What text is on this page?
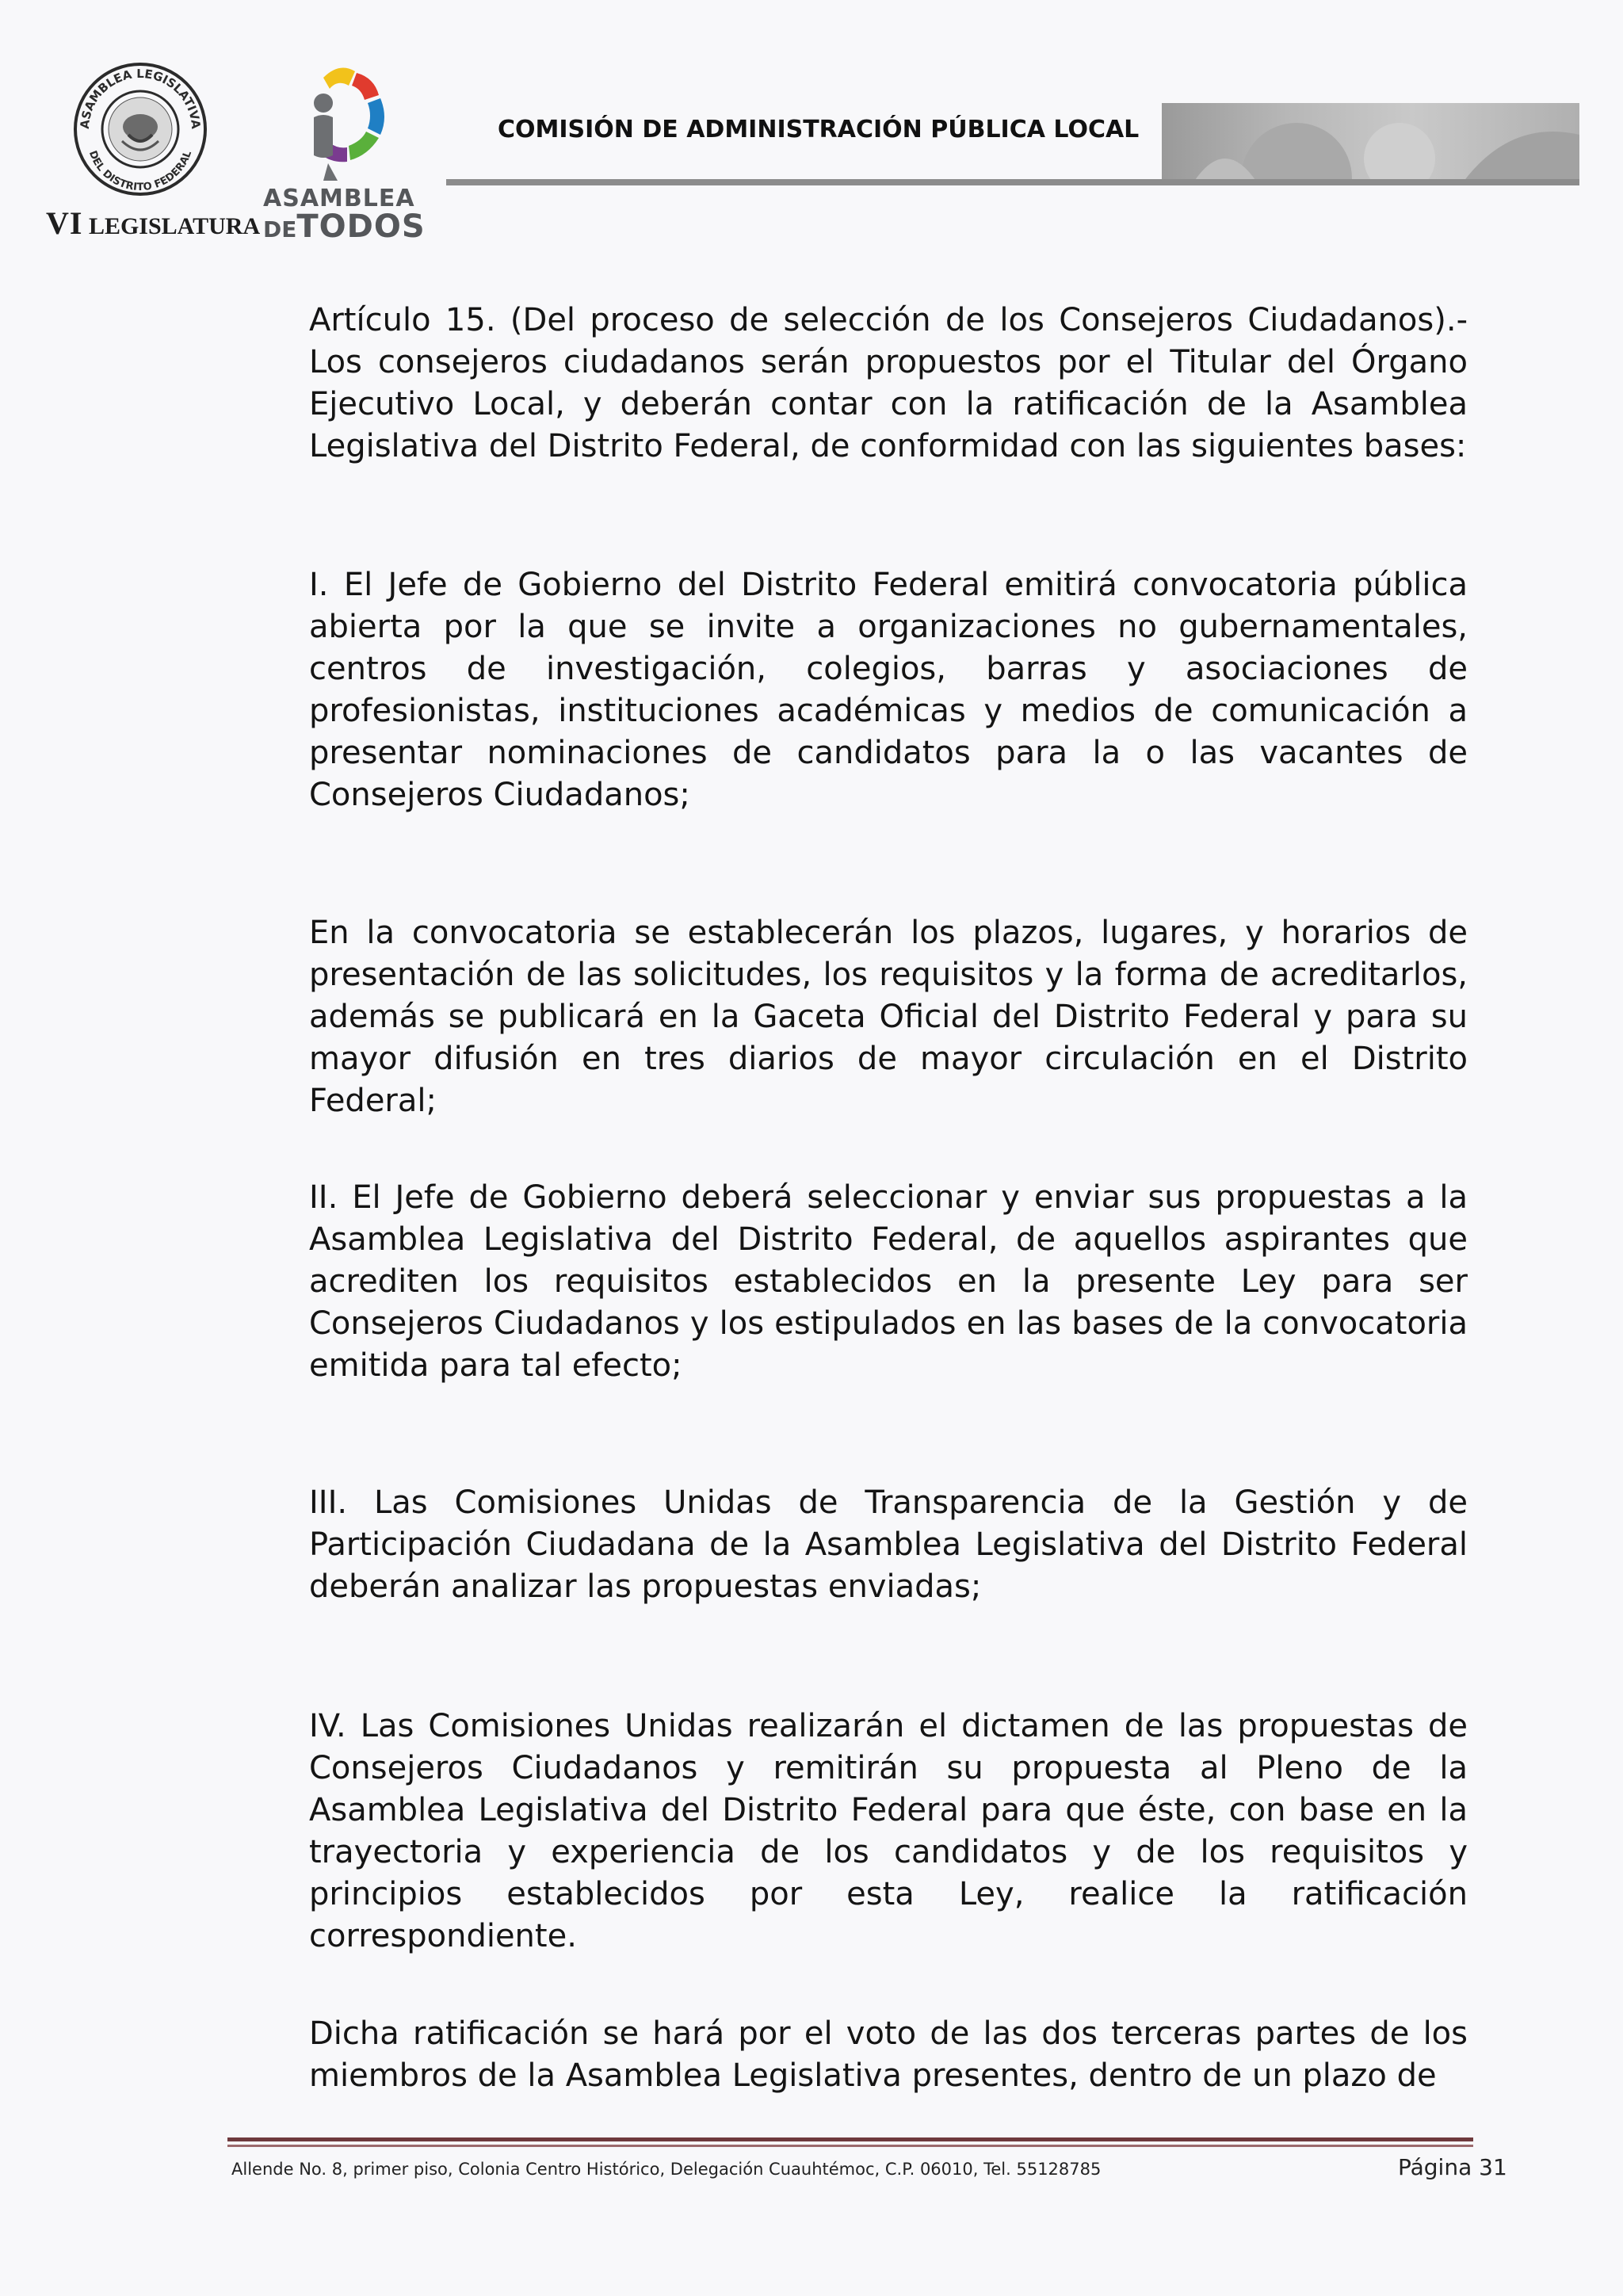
ASAMBLEA LEGISLATIVA
DEL DISTRITO FEDERAL
VI LEGISLATURA
ASAMBLEA
DETODOS
COMISIÓN DE ADMINISTRACIÓN PÚBLICA LOCAL

Artículo 15. (Del proceso de selección de los Consejeros Ciudadanos).- Los consejeros ciudadanos serán propuestos por el Titular del Órgano Ejecutivo Local, y deberán contar con la ratificación de la Asamblea Legislativa del Distrito Federal, de conformidad con las siguientes bases:

I. El Jefe de Gobierno del Distrito Federal emitirá convocatoria pública abierta por la que se invite a organizaciones no gubernamentales, centros de investigación, colegios, barras y asociaciones de profesionistas, instituciones académicas y medios de comunicación a presentar nominaciones de candidatos para la o las vacantes de Consejeros Ciudadanos;

En la convocatoria se establecerán los plazos, lugares, y horarios de presentación de las solicitudes, los requisitos y la forma de acreditarlos, además se publicará en la Gaceta Oficial del Distrito Federal y para su mayor difusión en tres diarios de mayor circulación en el Distrito Federal;

II. El Jefe de Gobierno deberá seleccionar y enviar sus propuestas a la Asamblea Legislativa del Distrito Federal, de aquellos aspirantes que acrediten los requisitos establecidos en la presente Ley para ser Consejeros Ciudadanos y los estipulados en las bases de la convocatoria emitida para tal efecto;

III. Las Comisiones Unidas de Transparencia de la Gestión y de Participación Ciudadana de la Asamblea Legislativa del Distrito Federal deberán analizar las propuestas enviadas;

IV. Las Comisiones Unidas realizarán el dictamen de las propuestas de Consejeros Ciudadanos y remitirán su propuesta al Pleno de la Asamblea Legislativa del Distrito Federal para que éste, con base en la trayectoria y experiencia de los candidatos y de los requisitos y principios establecidos por esta Ley, realice la ratificación correspondiente.

Dicha ratificación se hará por el voto de las dos terceras partes de los miembros de la Asamblea Legislativa presentes, dentro de un plazo de

Allende No. 8, primer piso, Colonia Centro Histórico, Delegación Cuauhtémoc, C.P. 06010, Tel. 55128785	Página 31
